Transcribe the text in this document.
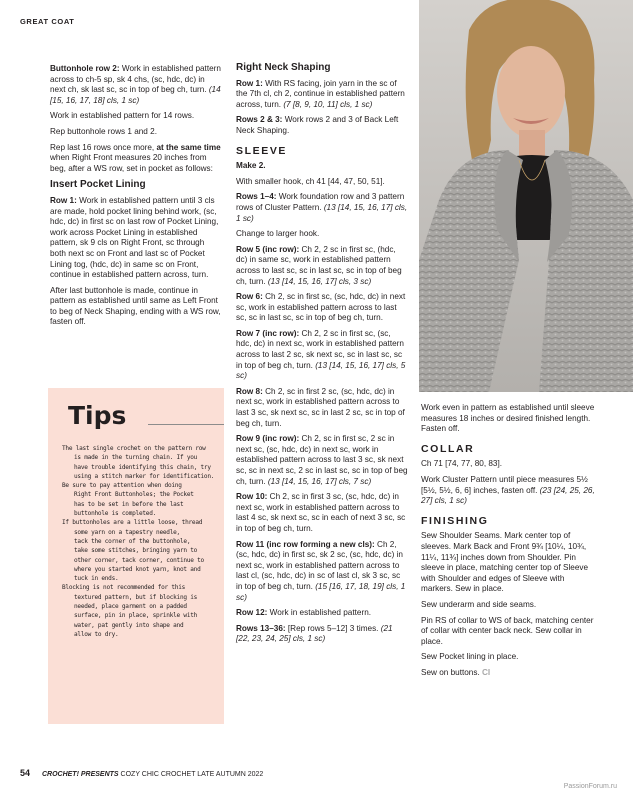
GREAT COAT

Buttonhole row 2: Work in established pattern across to ch-5 sp, sk 4 chs, (sc, hdc, dc) in next ch, sk last sc, sc in top of beg ch, turn. (14 [15, 16, 17, 18] cls, 1 sc)

Work in established pattern for 14 rows.

Rep buttonhole rows 1 and 2.

Rep last 16 rows once more, at the same time when Right Front measures 20 inches from beg, after a WS row, set in pocket as follows:

Insert Pocket Lining

Row 1: Work in established pattern until 3 cls are made, hold pocket lining behind work, (sc, hdc, dc) in first sc on last row of Pocket Lining, work across Pocket Lining in established pattern, sk 9 cls on Right Front, sc through both next sc on Front and last sc of Pocket Lining tog, (hdc, dc) in same sc on Front, continue in established pattern across, turn.

After last buttonhole is made, continue in pattern as established until same as Left Front to beg of Neck Shaping, ending with a WS row, fasten off.

Tips
The last single crochet on the pattern row
is made in the turning chain. If you
have trouble identifying this chain, try
using a stitch marker for identification.
Be sure to pay attention when doing
Right Front Buttonholes; the Pocket
has to be set in before the last
buttonhole is completed.
If buttonholes are a little loose, thread
some yarn on a tapestry needle,
tack the corner of the buttonhole,
take some stitches, bringing yarn to
other corner, tack corner, continue to
where you started knot yarn, knot and
tuck in ends.
Blocking is not recommended for this
textured pattern, but if blocking is
needed, place garment on a padded
surface, pin in place, sprinkle with
water, pat gently into shape and
allow to dry.
Right Neck Shaping

Row 1: With RS facing, join yarn in the sc of the 7th cl, ch 2, continue in established pattern across, turn. (7 [8, 9, 10, 11] cls, 1 sc)

Rows 2 & 3: Work rows 2 and 3 of Back Left Neck Shaping.

SLEEVE

Make 2.

With smaller hook, ch 41 [44, 47, 50, 51].

Rows 1–4: Work foundation row and 3 pattern rows of Cluster Pattern. (13 [14, 15, 16, 17] cls, 1 sc)

Change to larger hook.

Row 5 (inc row): Ch 2, 2 sc in first sc, (hdc, dc) in same sc, work in established pattern across to last sc, sc in last sc, sc in top of beg ch, turn. (13 [14, 15, 16, 17] cls, 3 sc)

Row 6: Ch 2, sc in first sc, (sc, hdc, dc) in next sc, work in established pattern across to last sc, sc in last sc, sc in top of beg ch, turn.

Row 7 (inc row): Ch 2, 2 sc in first sc, (sc, hdc, dc) in next sc, work in established pattern across to last 2 sc, sk next sc, sc in last sc, sc in top of beg ch, turn. (13 [14, 15, 16, 17] cls, 5 sc)

Row 8: Ch 2, sc in first 2 sc, (sc, hdc, dc) in next sc, work in established pattern across to last 3 sc, sk next sc, sc in last 2 sc, sc in top of beg ch, turn.

Row 9 (inc row): Ch 2, sc in first sc, 2 sc in next sc, (sc, hdc, dc) in next sc, work in established pattern across to last 3 sc, sk next sc, sc in next sc, 2 sc in last sc, sc in top of beg ch, turn. (13 [14, 15, 16, 17] cls, 7 sc)

Row 10: Ch 2, sc in first 3 sc, (sc, hdc, dc) in next sc, work in established pattern across to last 4 sc, sk next sc, sc in each of next 3 sc, sc in top of beg ch, turn.

Row 11 (inc row forming a new cls): Ch 2, (sc, hdc, dc) in first sc, sk 2 sc, (sc, hdc, dc) in next sc, work in established pattern across to last cl, (sc, hdc, dc) in sc of last cl, sk 3 sc, sc in top of beg ch, turn. (15 [16, 17, 18, 19] cls, 1 sc)

Row 12: Work in established pattern.

Rows 13–36: [Rep rows 5–12] 3 times. (21 [22, 23, 24, 25] cls, 1 sc)

Work even in pattern as established until sleeve measures 18 inches or desired finished length. Fasten off.

COLLAR

Ch 71 [74, 77, 80, 83].

Work Cluster Pattern until piece measures 5½ [5½, 5½, 6, 6] inches, fasten off. (23 [24, 25, 26, 27] cls, 1 sc)

FINISHING

Sew Shoulder Seams. Mark center top of sleeves. Mark Back and Front 9¾ [10¼, 10¾, 11¼, 11¾] inches down from Shoulder. Pin sleeve in place, matching center top of Sleeve with Shoulder and edges of Sleeve with markers. Sew in place.

Sew underarm and side seams.

Pin RS of collar to WS of back, matching center of collar with center back neck. Sew collar in place.

Sew Pocket lining in place.

Sew on buttons. CI

54 CROCHET! PRESENTS COZY CHIC CROCHET LATE AUTUMN 2022
PassionForum.ru
